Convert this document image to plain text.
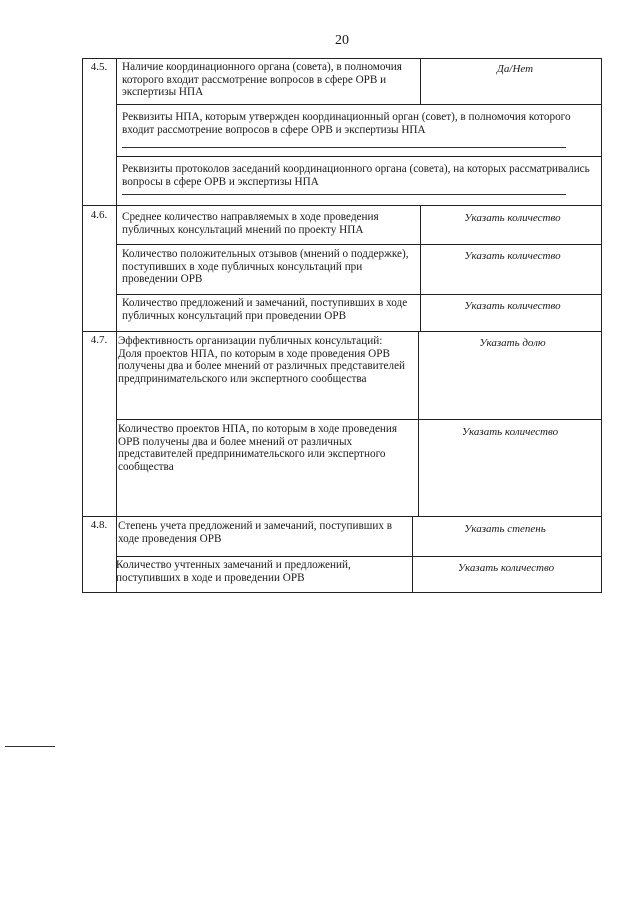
20
4.5.	Наличие координационного органа (совета), в полномочия которого входит рассмотрение вопросов в сфере ОРВ и экспертизы НПА
Да/Нет
Реквизиты НПА, которым утвержден координационный орган (совет), в полномочия которого входит рассмотрение вопросов в сфере ОРВ и экспертизы НПА
Реквизиты протоколов заседаний координационного органа (совета), на которых рассматривались вопросы в сфере ОРВ и экспертизы НПА
4.6.	Среднее количество направляемых в ходе проведения публичных консультаций мнений по проекту НПА
Указать количество
Количество положительных отзывов (мнений о поддержке), поступивших в ходе публичных консультаций при проведении ОРВ
Указать количество
Количество предложений и замечаний, поступивших в ходе публичных консультаций при проведении ОРВ
Указать количество
4.7. Эффективность организации публичных консультаций:
Доля проектов НПА, по которым в ходе проведения ОРВ получены два и более мнений от различных представителей предпринимательского или экспертного сообщества
Указать долю
Количество проектов НПА, по которым в ходе проведения ОРВ получены два и более мнений от различных представителей предпринимательского или экспертного сообщества
Указать количество
4.8. Степень учета предложений и замечаний, поступивших в ходе проведения ОРВ
Указать степень
Количество учтенных замечаний и предложений, поступивших в ходе и проведении ОРВ
Указать количество
